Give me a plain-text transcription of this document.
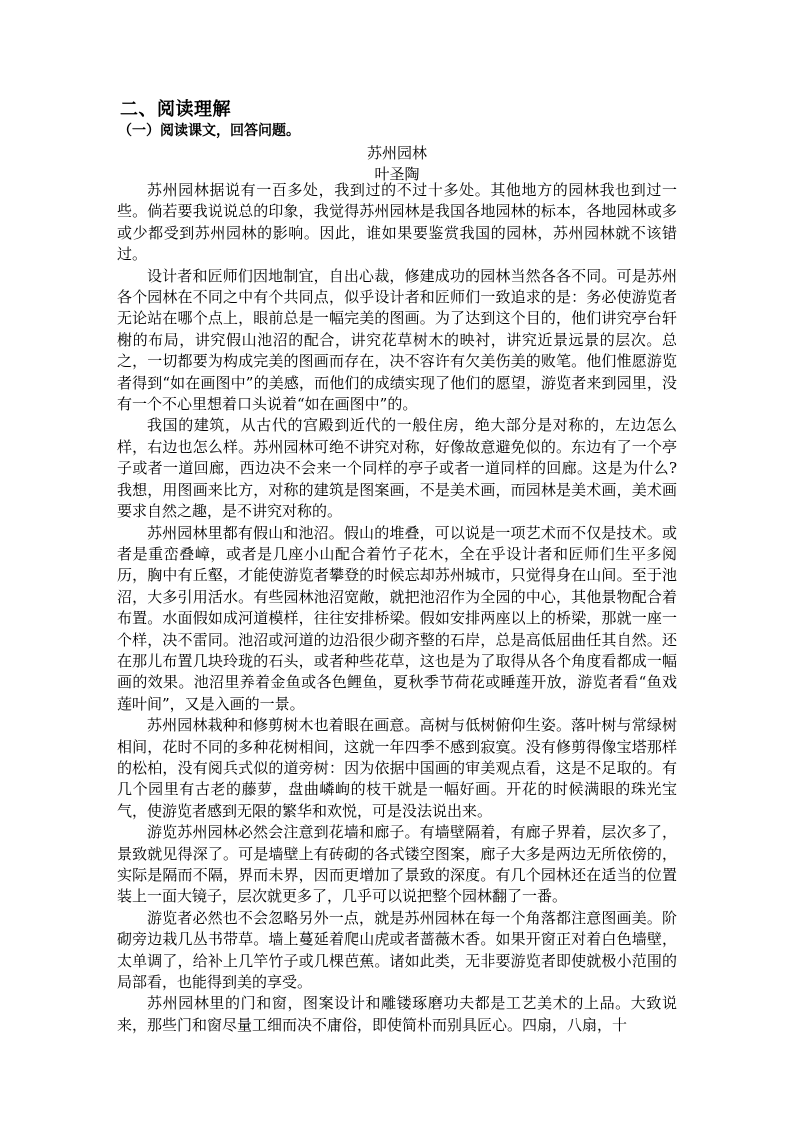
二、阅读理解
（一）阅读课文，回答问题。
苏州园林
叶圣陶

苏州园林据说有一百多处，我到过的不过十多处。其他地方的园林我也到过一些。倘若要我说说总的印象，我觉得苏州园林是我国各地园林的标本，各地园林或多或少都受到苏州园林的影响。因此，谁如果要鉴赏我国的园林，苏州园林就不该错过。

设计者和匠师们因地制宜，自出心裁，修建成功的园林当然各各不同。可是苏州各个园林在不同之中有个共同点，似乎设计者和匠师们一致追求的是：务必使游览者无论站在哪个点上，眼前总是一幅完美的图画。为了达到这个目的，他们讲究亭台轩榭的布局，讲究假山池沼的配合，讲究花草树木的映衬，讲究近景远景的层次。总之，一切都要为构成完美的图画而存在，决不容许有欠美伤美的败笔。他们惟愿游览者得到“如在画图中”的美感，而他们的成绩实现了他们的愿望，游览者来到园里，没有一个不心里想着口头说着“如在画图中”的。

我国的建筑，从古代的宫殿到近代的一般住房，绝大部分是对称的，左边怎么样，右边也怎么样。苏州园林可绝不讲究对称，好像故意避免似的。东边有了一个亭子或者一道回廊，西边决不会来一个同样的亭子或者一道同样的回廊。这是为什么?我想，用图画来比方，对称的建筑是图案画，不是美术画，而园林是美术画，美术画要求自然之趣，是不讲究对称的。

苏州园林里都有假山和池沼。假山的堆叠，可以说是一项艺术而不仅是技术。或者是重峦叠嶂，或者是几座小山配合着竹子花木，全在乎设计者和匠师们生平多阅历，胸中有丘壑，才能使游览者攀登的时候忘却苏州城市，只觉得身在山间。至于池沼，大多引用活水。有些园林池沼宽敞，就把池沼作为全园的中心，其他景物配合着布置。水面假如成河道模样，往往安排桥梁。假如安排两座以上的桥梁，那就一座一个样，决不雷同。池沼或河道的边沿很少砌齐整的石岸，总是高低屈曲任其自然。还在那儿布置几块玲珑的石头，或者种些花草，这也是为了取得从各个角度看都成一幅画的效果。池沼里养着金鱼或各色鲤鱼，夏秋季节荷花或睡莲开放，游览者看“鱼戏莲叶间”，又是入画的一景。

苏州园林栽种和修剪树木也着眼在画意。高树与低树俯仰生姿。落叶树与常绿树相间，花时不同的多种花树相间，这就一年四季不感到寂寞。没有修剪得像宝塔那样的松柏，没有阅兵式似的道旁树：因为依据中国画的审美观点看，这是不足取的。有几个园里有古老的藤萝，盘曲嶙峋的枝干就是一幅好画。开花的时候满眼的珠光宝气，使游览者感到无限的繁华和欢悦，可是没法说出来。

游览苏州园林必然会注意到花墙和廊子。有墙壁隔着，有廊子界着，层次多了，景致就见得深了。可是墙壁上有砖砌的各式镂空图案，廊子大多是两边无所依傍的，实际是隔而不隔，界而未界，因而更增加了景致的深度。有几个园林还在适当的位置装上一面大镜子，层次就更多了，几乎可以说把整个园林翻了一番。

游览者必然也不会忽略另外一点，就是苏州园林在每一个角落都注意图画美。阶砌旁边栽几丛书带草。墙上蔓延着爬山虎或者蔷薇木香。如果开窗正对着白色墙壁，太单调了，给补上几竿竹子或几棵芭蕉。诸如此类，无非要游览者即使就极小范围的局部看，也能得到美的享受。

苏州园林里的门和窗，图案设计和雕镂琢磨功夫都是工艺美术的上品。大致说来，那些门和窗尽量工细而决不庸俗，即使简朴而别具匠心。四扇，八扇，十
